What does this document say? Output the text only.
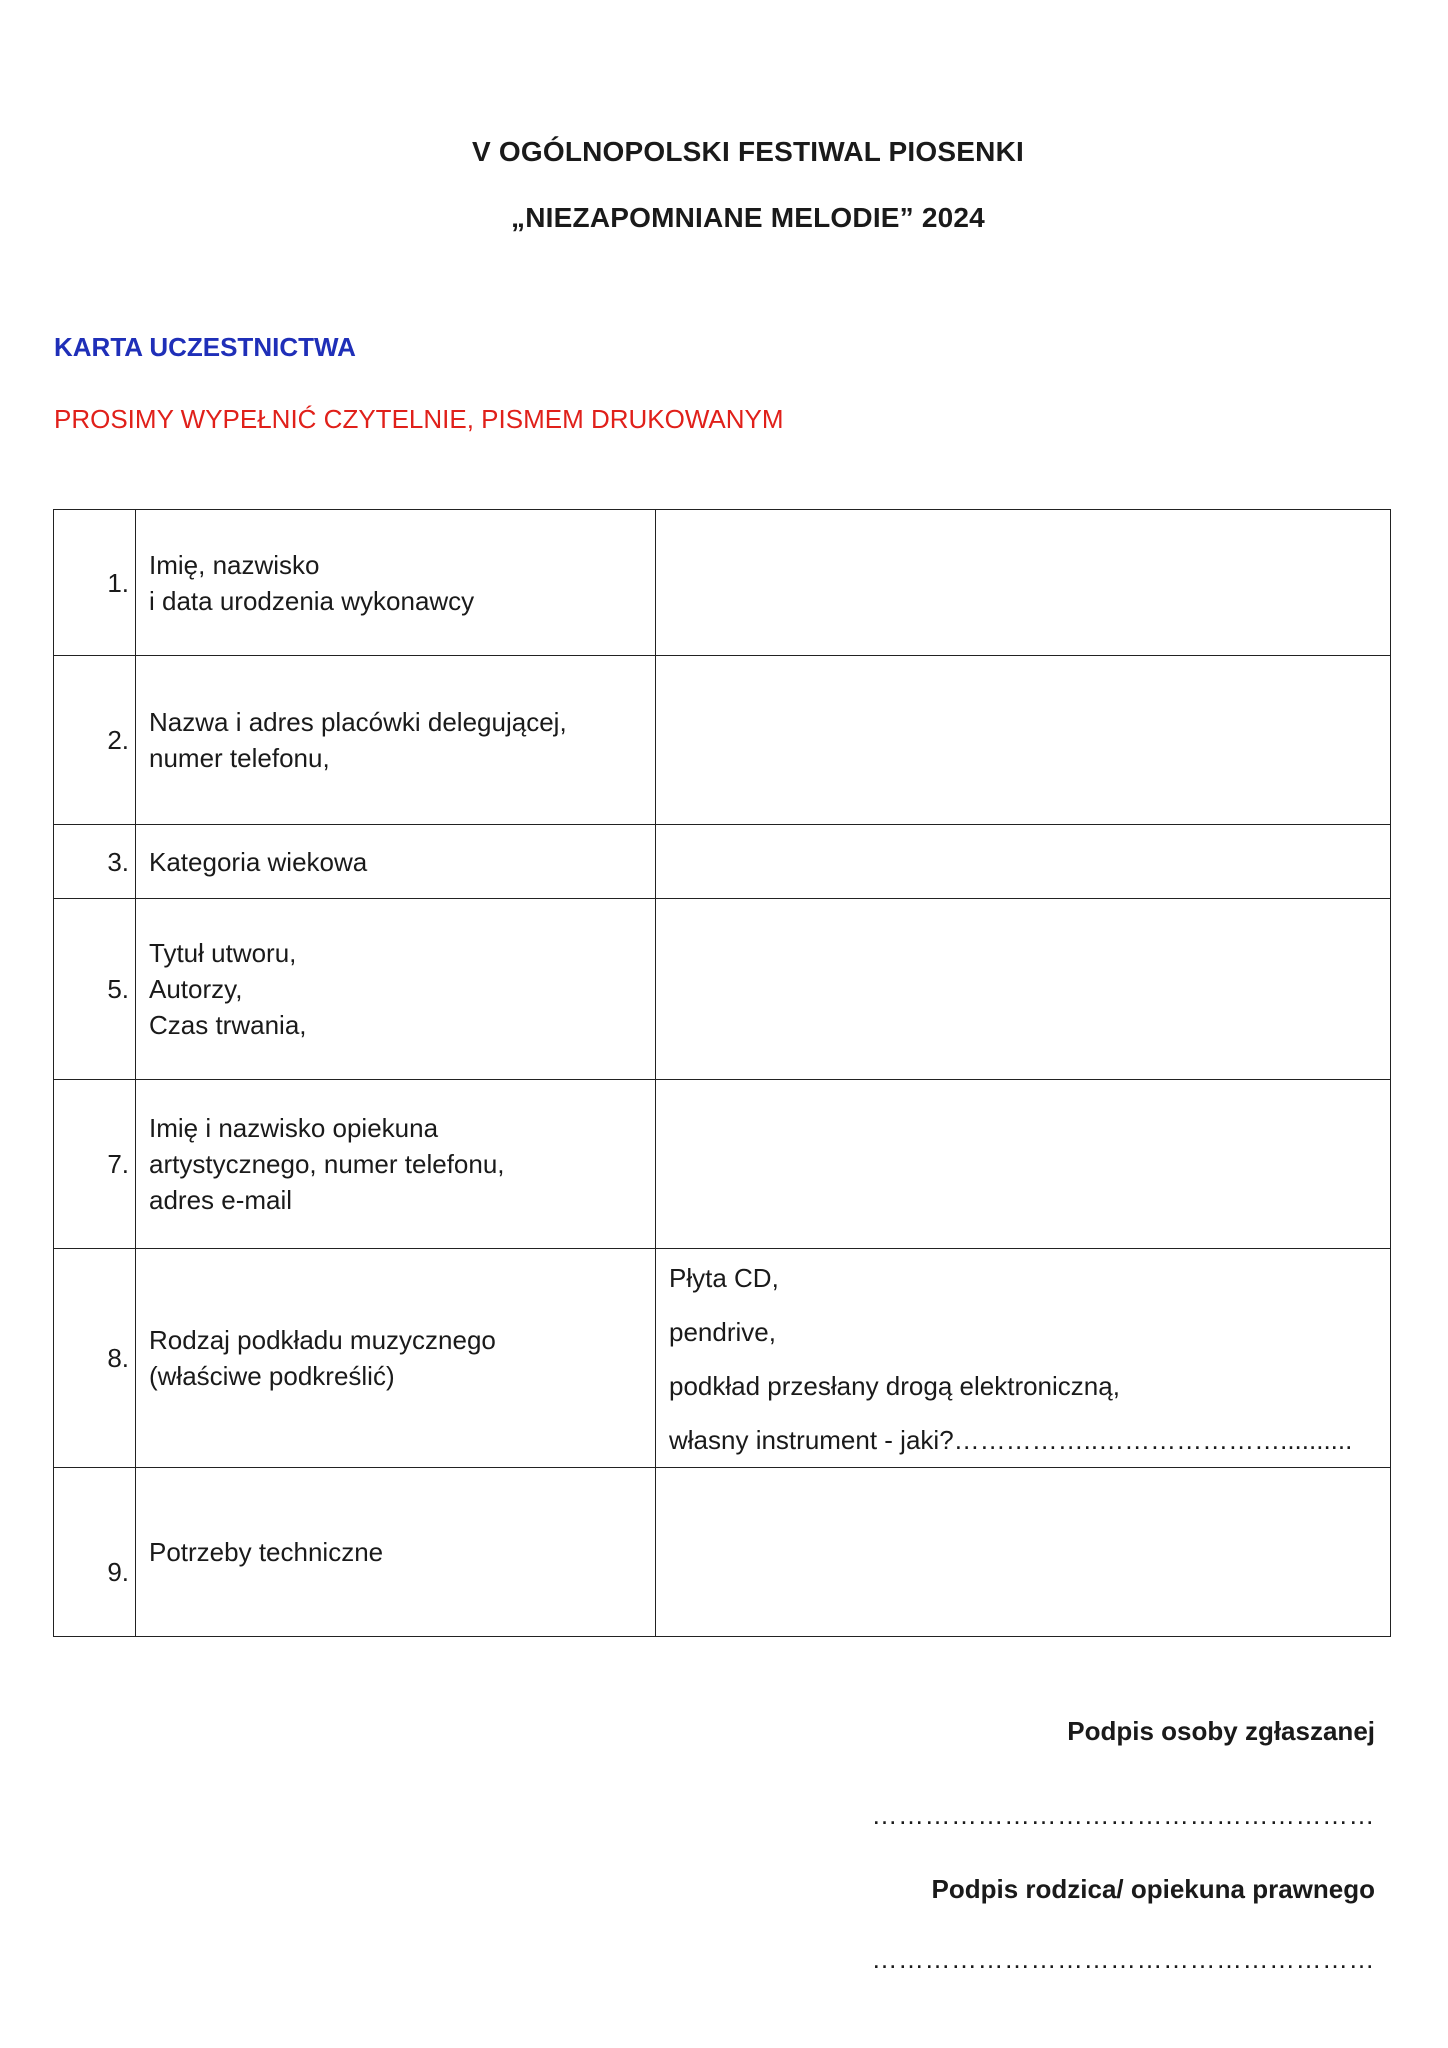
V OGÓLNOPOLSKI FESTIWAL PIOSENKI
„NIEZAPOMNIANE MELODIE” 2024
KARTA UCZESTNICTWA
PROSIMY WYPEŁNIĆ CZYTELNIE, PISMEM DRUKOWANYM
1.	Imię, nazwisko
i data urodzenia wykonawcy	

2.	Nazwa i adres placówki delegującej,
numer telefonu,	

3.	Kategoria wiekowa	

5.	Tytuł utworu,
Autorzy,
Czas trwania,	

7.	Imię i nazwisko opiekuna
artystycznego, numer telefonu,
adres e-mail	

8.	Rodzaj podkładu muzycznego
(właściwe podkreślić)	Płyta CD,
pendrive,
podkład przesłany drogą elektroniczną,
własny instrument - jaki?……………..…………………..........

9.	Potrzeby techniczne	

Podpis osoby zgłaszanej
…………………………………………………
Podpis rodzica/ opiekuna prawnego
…………………………………………………
